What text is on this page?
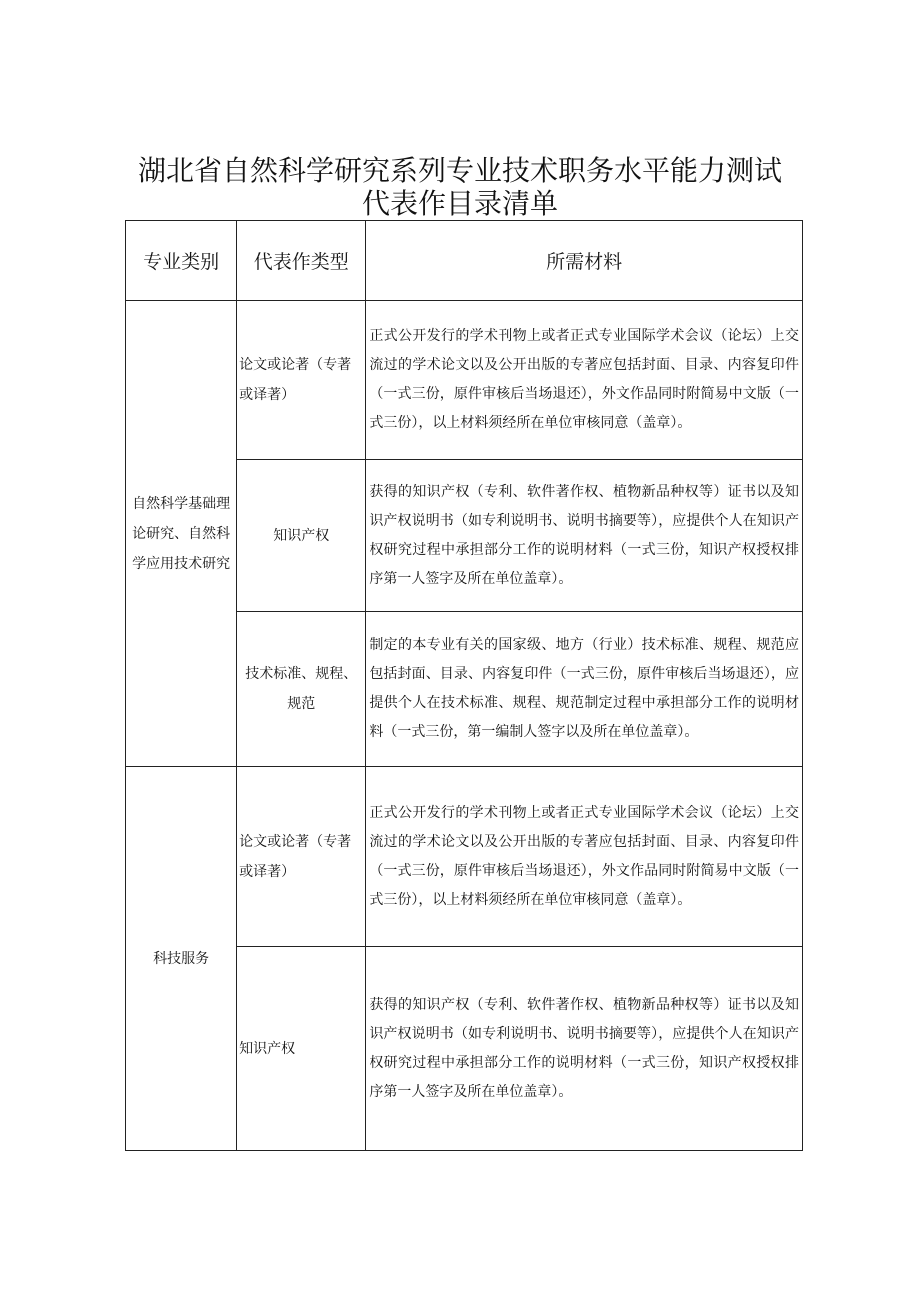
湖北省自然科学研究系列专业技术职务水平能力测试
代表作目录清单
专业类别	代表作类型	所需材料
自然科学基础理论研究、自然科学应用技术研究	论文或论著（专著或译著）	正式公开发行的学术刊物上或者正式专业国际学术会议（论坛）上交流过的学术论文以及公开出版的专著应包括封面、目录、内容复印件（一式三份，原件审核后当场退还），外文作品同时附简易中文版（一式三份），以上材料须经所在单位审核同意（盖章）。
	知识产权	获得的知识产权（专利、软件著作权、植物新品种权等）证书以及知识产权说明书（如专利说明书、说明书摘要等），应提供个人在知识产权研究过程中承担部分工作的说明材料（一式三份，知识产权授权排序第一人签字及所在单位盖章）。
	技术标准、规程、规范	制定的本专业有关的国家级、地方（行业）技术标准、规程、规范应包括封面、目录、内容复印件（一式三份，原件审核后当场退还），应提供个人在技术标准、规程、规范制定过程中承担部分工作的说明材料（一式三份，第一编制人签字以及所在单位盖章）。
科技服务	论文或论著（专著或译著）	正式公开发行的学术刊物上或者正式专业国际学术会议（论坛）上交流过的学术论文以及公开出版的专著应包括封面、目录、内容复印件（一式三份，原件审核后当场退还），外文作品同时附简易中文版（一式三份），以上材料须经所在单位审核同意（盖章）。
	知识产权	获得的知识产权（专利、软件著作权、植物新品种权等）证书以及知识产权说明书（如专利说明书、说明书摘要等），应提供个人在知识产权研究过程中承担部分工作的说明材料（一式三份，知识产权授权排序第一人签字及所在单位盖章）。
